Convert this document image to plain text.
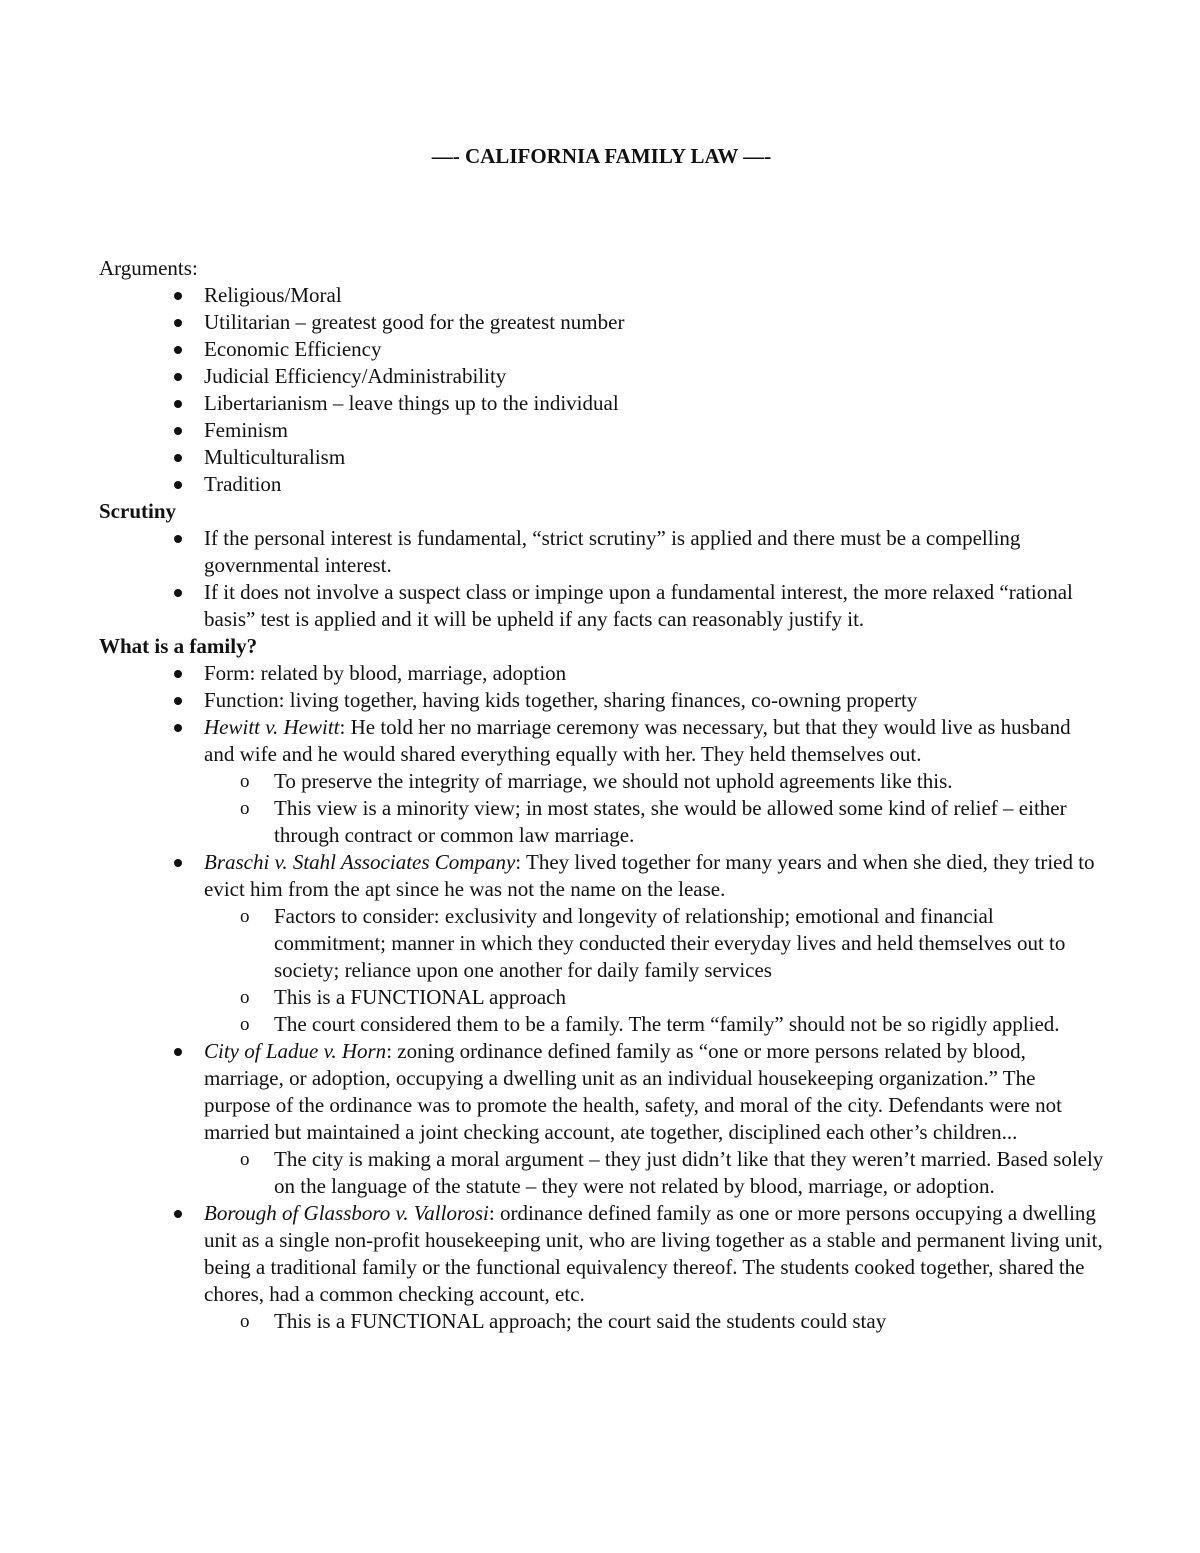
—- CALIFORNIA FAMILY LAW —-
Arguments:
Religious/Moral
Utilitarian – greatest good for the greatest number
Economic Efficiency
Judicial Efficiency/Administrability
Libertarianism – leave things up to the individual
Feminism
Multiculturalism
Tradition
Scrutiny
If the personal interest is fundamental, “strict scrutiny” is applied and there must be a compelling governmental interest.
If it does not involve a suspect class or impinge upon a fundamental interest, the more relaxed “rational basis” test is applied and it will be upheld if any facts can reasonably justify it.
What is a family?
Form: related by blood, marriage, adoption
Function: living together, having kids together, sharing finances, co-owning property
Hewitt v. Hewitt: He told her no marriage ceremony was necessary, but that they would live as husband and wife and he would shared everything equally with her. They held themselves out.
o To preserve the integrity of marriage, we should not uphold agreements like this.
o This view is a minority view; in most states, she would be allowed some kind of relief – either through contract or common law marriage.
Braschi v. Stahl Associates Company: They lived together for many years and when she died, they tried to evict him from the apt since he was not the name on the lease.
o Factors to consider: exclusivity and longevity of relationship; emotional and financial commitment; manner in which they conducted their everyday lives and held themselves out to society; reliance upon one another for daily family services
o This is a FUNCTIONAL approach
o The court considered them to be a family. The term “family” should not be so rigidly applied.
City of Ladue v. Horn: zoning ordinance defined family as “one or more persons related by blood, marriage, or adoption, occupying a dwelling unit as an individual housekeeping organization.” The purpose of the ordinance was to promote the health, safety, and moral of the city. Defendants were not married but maintained a joint checking account, ate together, disciplined each other’s children...
o The city is making a moral argument – they just didn’t like that they weren’t married. Based solely on the language of the statute – they were not related by blood, marriage, or adoption.
Borough of Glassboro v. Vallorosi: ordinance defined family as one or more persons occupying a dwelling unit as a single non-profit housekeeping unit, who are living together as a stable and permanent living unit, being a traditional family or the functional equivalency thereof. The students cooked together, shared the chores, had a common checking account, etc.
o This is a FUNCTIONAL approach; the court said the students could stay
